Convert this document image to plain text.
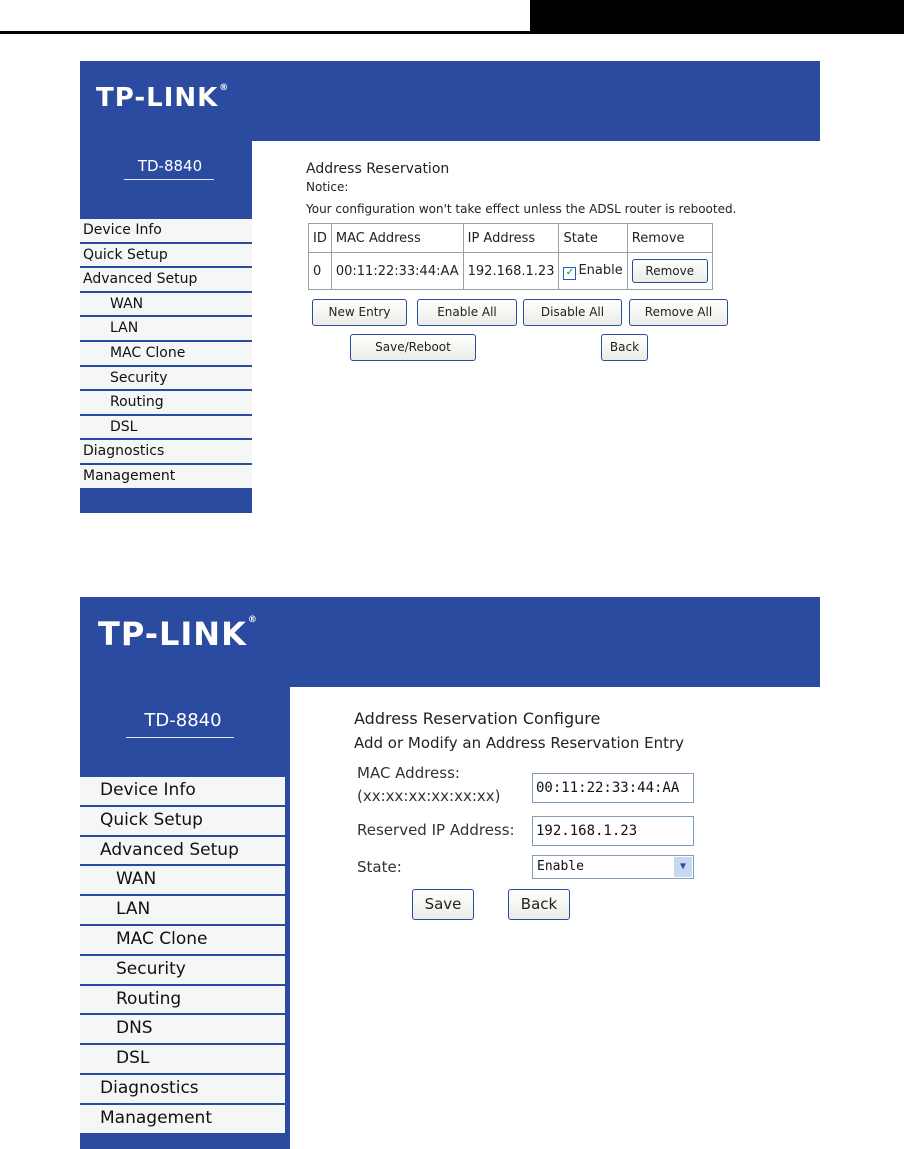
TP-LINK®
TD-8840
Device Info
Quick Setup
Advanced Setup
WAN
LAN
MAC Clone
Security
Routing
DSL
Diagnostics
Management
Address Reservation
Notice:
Your configuration won't take effect unless the ADSL router is rebooted.
ID	MAC Address	IP Address	State	Remove
0	00:11:22:33:44:AA	192.168.1.23	✓ Enable	Remove
New Entry	Enable All	Disable All	Remove All
Save/Reboot	Back
TP-LINK®
TD-8840
Device Info
Quick Setup
Advanced Setup
WAN
LAN
MAC Clone
Security
Routing
DNS
DSL
Diagnostics
Management
Address Reservation Configure
Add or Modify an Address Reservation Entry
MAC Address:
(xx:xx:xx:xx:xx:xx)	00:11:22:33:44:AA
Reserved IP Address: 192.168.1.23
State:	Enable	▼
Save	Back
